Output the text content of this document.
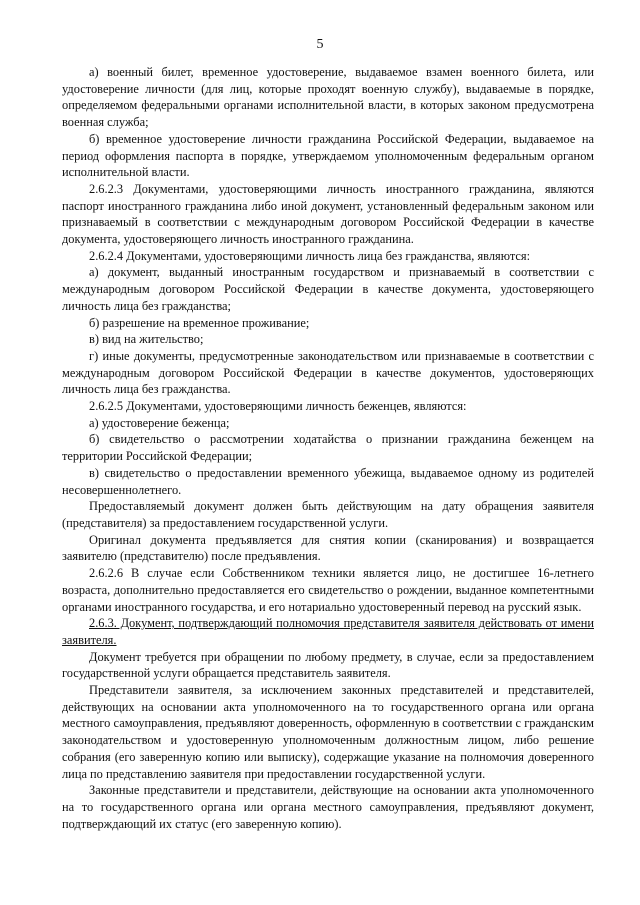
5

а) военный билет, временное удостоверение, выдаваемое взамен военного билета, или удостоверение личности (для лиц, которые проходят военную службу), выдаваемые в порядке, определяемом федеральными органами исполнительной власти, в которых законом предусмотрена военная служба;

б) временное удостоверение личности гражданина Российской Федерации, выдаваемое на период оформления паспорта в порядке, утверждаемом уполномоченным федеральным органом исполнительной власти.

2.6.2.3 Документами, удостоверяющими личность иностранного гражданина, являются паспорт иностранного гражданина либо иной документ, установленный федеральным законом или признаваемый в соответствии с международным договором Российской Федерации в качестве документа, удостоверяющего личность иностранного гражданина.

2.6.2.4 Документами, удостоверяющими личность лица без гражданства, являются:

а) документ, выданный иностранным государством и признаваемый в соответствии с международным договором Российской Федерации в качестве документа, удостоверяющего личность лица без гражданства;

б) разрешение на временное проживание;

в) вид на жительство;

г) иные документы, предусмотренные законодательством или признаваемые в соответствии с международным договором Российской Федерации в качестве документов, удостоверяющих личность лица без гражданства.

2.6.2.5 Документами, удостоверяющими личность беженцев, являются:

а) удостоверение беженца;

б) свидетельство о рассмотрении ходатайства о признании гражданина беженцем на территории Российской Федерации;

в) свидетельство о предоставлении временного убежища, выдаваемое одному из родителей несовершеннолетнего.

Предоставляемый документ должен быть действующим на дату обращения заявителя (представителя) за предоставлением государственной услуги.

Оригинал документа предъявляется для снятия копии (сканирования) и возвращается заявителю (представителю) после предъявления.

2.6.2.6 В случае если Собственником техники является лицо, не достигшее 16-летнего возраста, дополнительно предоставляется его свидетельство о рождении, выданное компетентными органами иностранного государства, и его нотариально удостоверенный перевод на русский язык.

2.6.3. Документ, подтверждающий полномочия представителя заявителя действовать от имени заявителя.

Документ требуется при обращении по любому предмету, в случае, если за предоставлением государственной услуги обращается представитель заявителя.

Представители заявителя, за исключением законных представителей и представителей, действующих на основании акта уполномоченного на то государственного органа или органа местного самоуправления, предъявляют доверенность, оформленную в соответствии с гражданским законодательством и удостоверенную уполномоченным должностным лицом, либо решение собрания (его заверенную копию или выписку), содержащие указание на полномочия доверенного лица по представлению заявителя при предоставлении государственной услуги.

Законные представители и представители, действующие на основании акта уполномоченного на то государственного органа или органа местного самоуправления, предъявляют документ, подтверждающий их статус (его заверенную копию).
